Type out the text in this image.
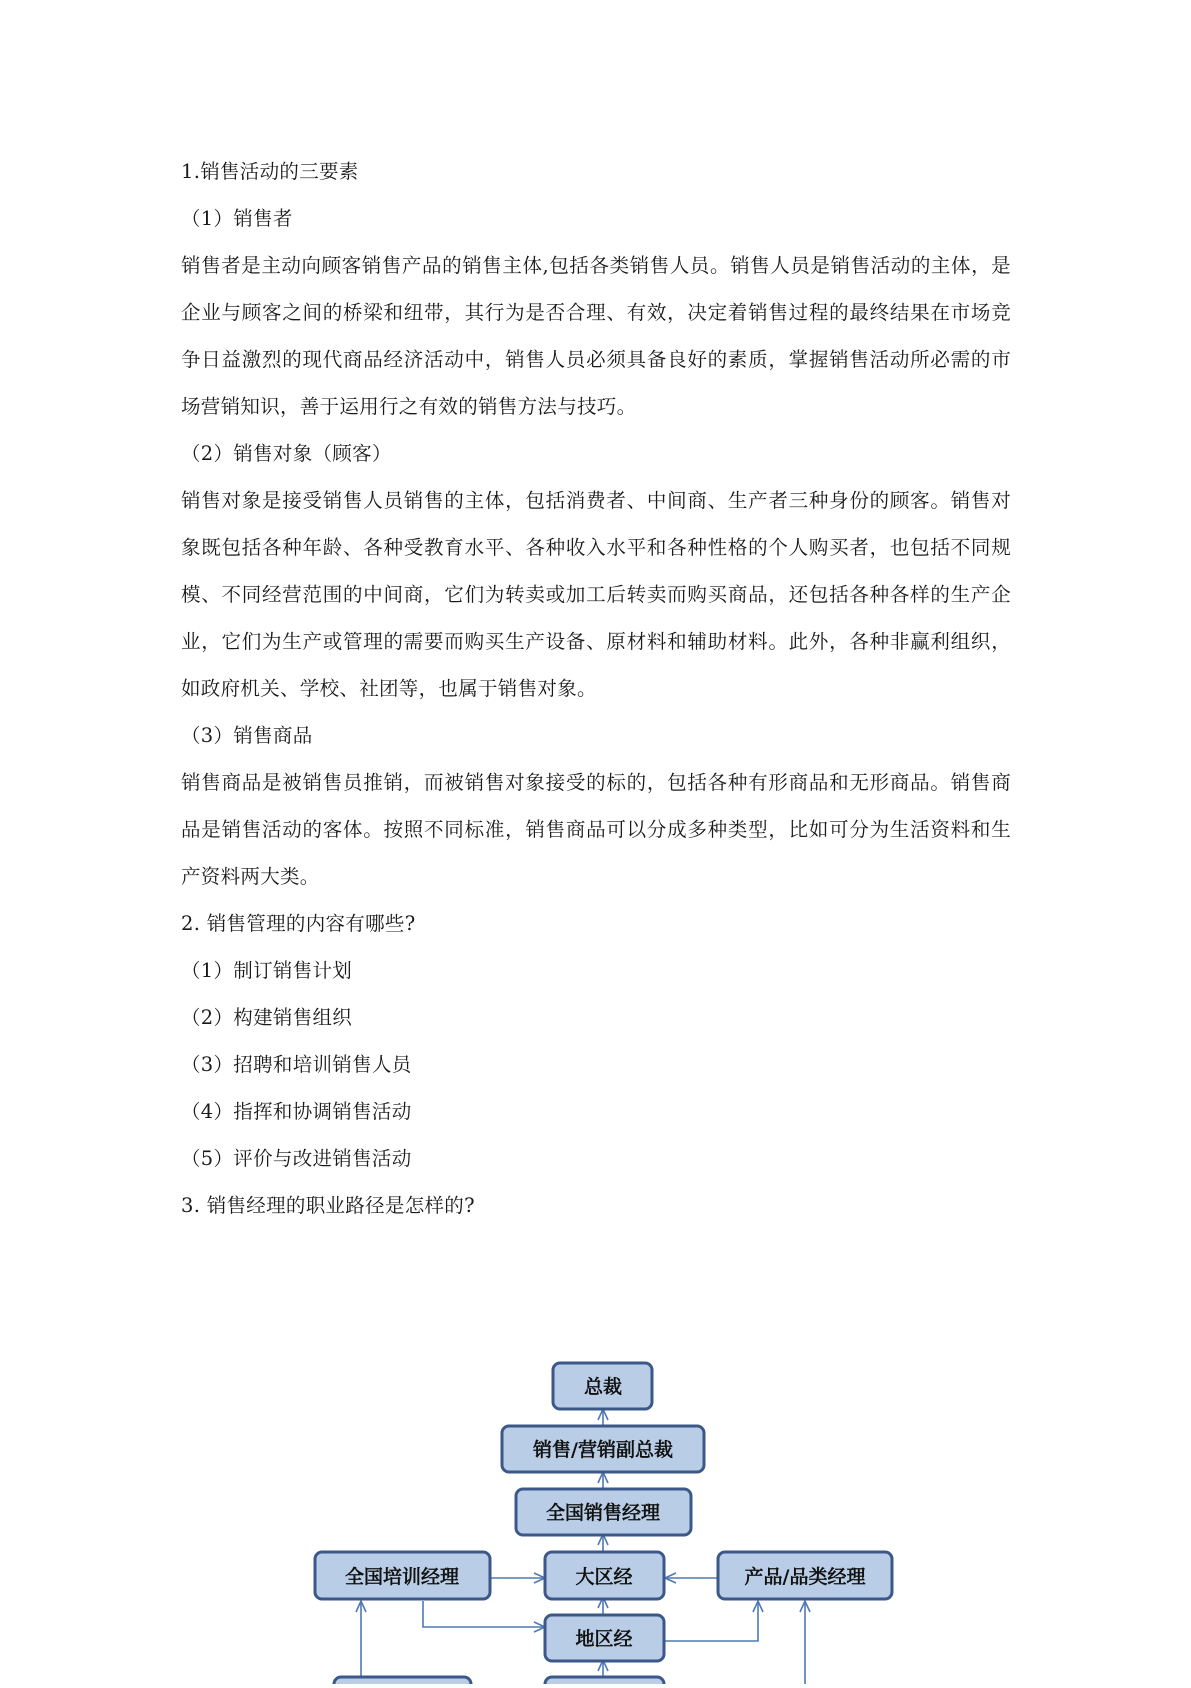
1.销售活动的三要素
（1）销售者
销售者是主动向顾客销售产品的销售主体,包括各类销售人员。销售人员是销售活动的主体，是企业与顾客之间的桥梁和纽带，其行为是否合理、有效，决定着销售过程的最终结果在市场竞争日益激烈的现代商品经济活动中，销售人员必须具备良好的素质，掌握销售活动所必需的市场营销知识，善于运用行之有效的销售方法与技巧。
（2）销售对象（顾客）
销售对象是接受销售人员销售的主体，包括消费者、中间商、生产者三种身份的顾客。销售对象既包括各种年龄、各种受教育水平、各种收入水平和各种性格的个人购买者，也包括不同规模、不同经营范围的中间商，它们为转卖或加工后转卖而购买商品，还包括各种各样的生产企业，它们为生产或管理的需要而购买生产设备、原材料和辅助材料。此外，各种非赢利组织，如政府机关、学校、社团等，也属于销售对象。
（3）销售商品
销售商品是被销售员推销，而被销售对象接受的标的，包括各种有形商品和无形商品。销售商品是销售活动的客体。按照不同标准，销售商品可以分成多种类型，比如可分为生活资料和生产资料两大类。
2. 销售管理的内容有哪些?
（1）制订销售计划
（2）构建销售组织
（3）招聘和培训销售人员
（4）指挥和协调销售活动
（5）评价与改进销售活动
3. 销售经理的职业路径是怎样的?
总裁
销售/营销副总裁
全国销售经理
全国培训经理	大区经	产品/品类经理
地区经
